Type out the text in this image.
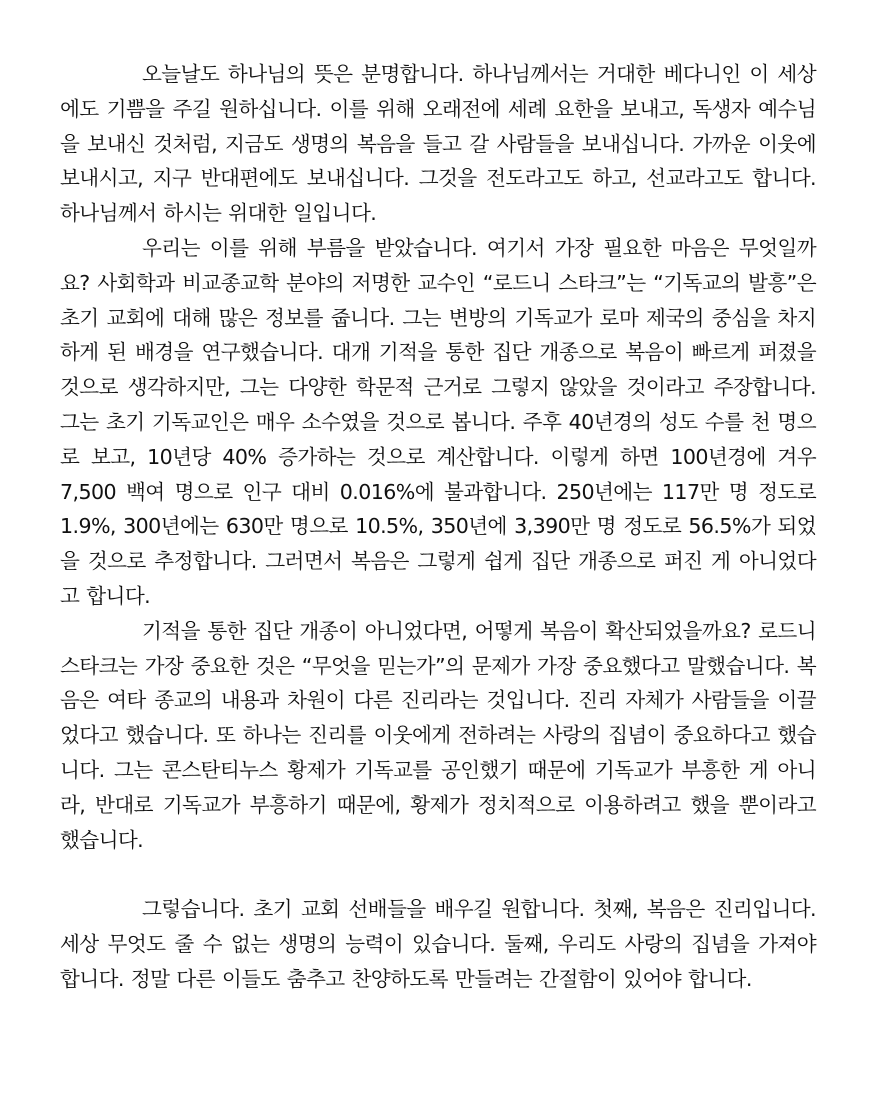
오늘날도 하나님의 뜻은 분명합니다. 하나님께서는 거대한 베다니인 이 세상에도 기쁨을 주길 원하십니다. 이를 위해 오래전에 세례 요한을 보내고, 독생자 예수님을 보내신 것처럼, 지금도 생명의 복음을 들고 갈 사람들을 보내십니다. 가까운 이웃에 보내시고, 지구 반대편에도 보내십니다. 그것을 전도라고도 하고, 선교라고도 합니다. 하나님께서 하시는 위대한 일입니다.

우리는 이를 위해 부름을 받았습니다. 여기서 가장 필요한 마음은 무엇일까요? 사회학과 비교종교학 분야의 저명한 교수인 “로드니 스타크”는 “기독교의 발흥”은 초기 교회에 대해 많은 정보를 줍니다. 그는 변방의 기독교가 로마 제국의 중심을 차지하게 된 배경을 연구했습니다. 대개 기적을 통한 집단 개종으로 복음이 빠르게 퍼졌을 것으로 생각하지만, 그는 다양한 학문적 근거로 그렇지 않았을 것이라고 주장합니다. 그는 초기 기독교인은 매우 소수였을 것으로 봅니다. 주후 40년경의 성도 수를 천 명으로 보고, 10년당 40% 증가하는 것으로 계산합니다. 이렇게 하면 100년경에 겨우 7,500 백여 명으로 인구 대비 0.016%에 불과합니다. 250년에는 117만 명 정도로 1.9%, 300년에는 630만 명으로 10.5%, 350년에 3,390만 명 정도로 56.5%가 되었을 것으로 추정합니다. 그러면서 복음은 그렇게 쉽게 집단 개종으로 퍼진 게 아니었다고 합니다.

기적을 통한 집단 개종이 아니었다면, 어떻게 복음이 확산되었을까요? 로드니 스타크는 가장 중요한 것은 “무엇을 믿는가”의 문제가 가장 중요했다고 말했습니다. 복음은 여타 종교의 내용과 차원이 다른 진리라는 것입니다. 진리 자체가 사람들을 이끌었다고 했습니다. 또 하나는 진리를 이웃에게 전하려는 사랑의 집념이 중요하다고 했습니다. 그는 콘스탄티누스 황제가 기독교를 공인했기 때문에 기독교가 부흥한 게 아니라, 반대로 기독교가 부흥하기 때문에, 황제가 정치적으로 이용하려고 했을 뿐이라고 했습니다.

그렇습니다. 초기 교회 선배들을 배우길 원합니다. 첫째, 복음은 진리입니다. 세상 무엇도 줄 수 없는 생명의 능력이 있습니다. 둘째, 우리도 사랑의 집념을 가져야 합니다. 정말 다른 이들도 춤추고 찬양하도록 만들려는 간절함이 있어야 합니다.
